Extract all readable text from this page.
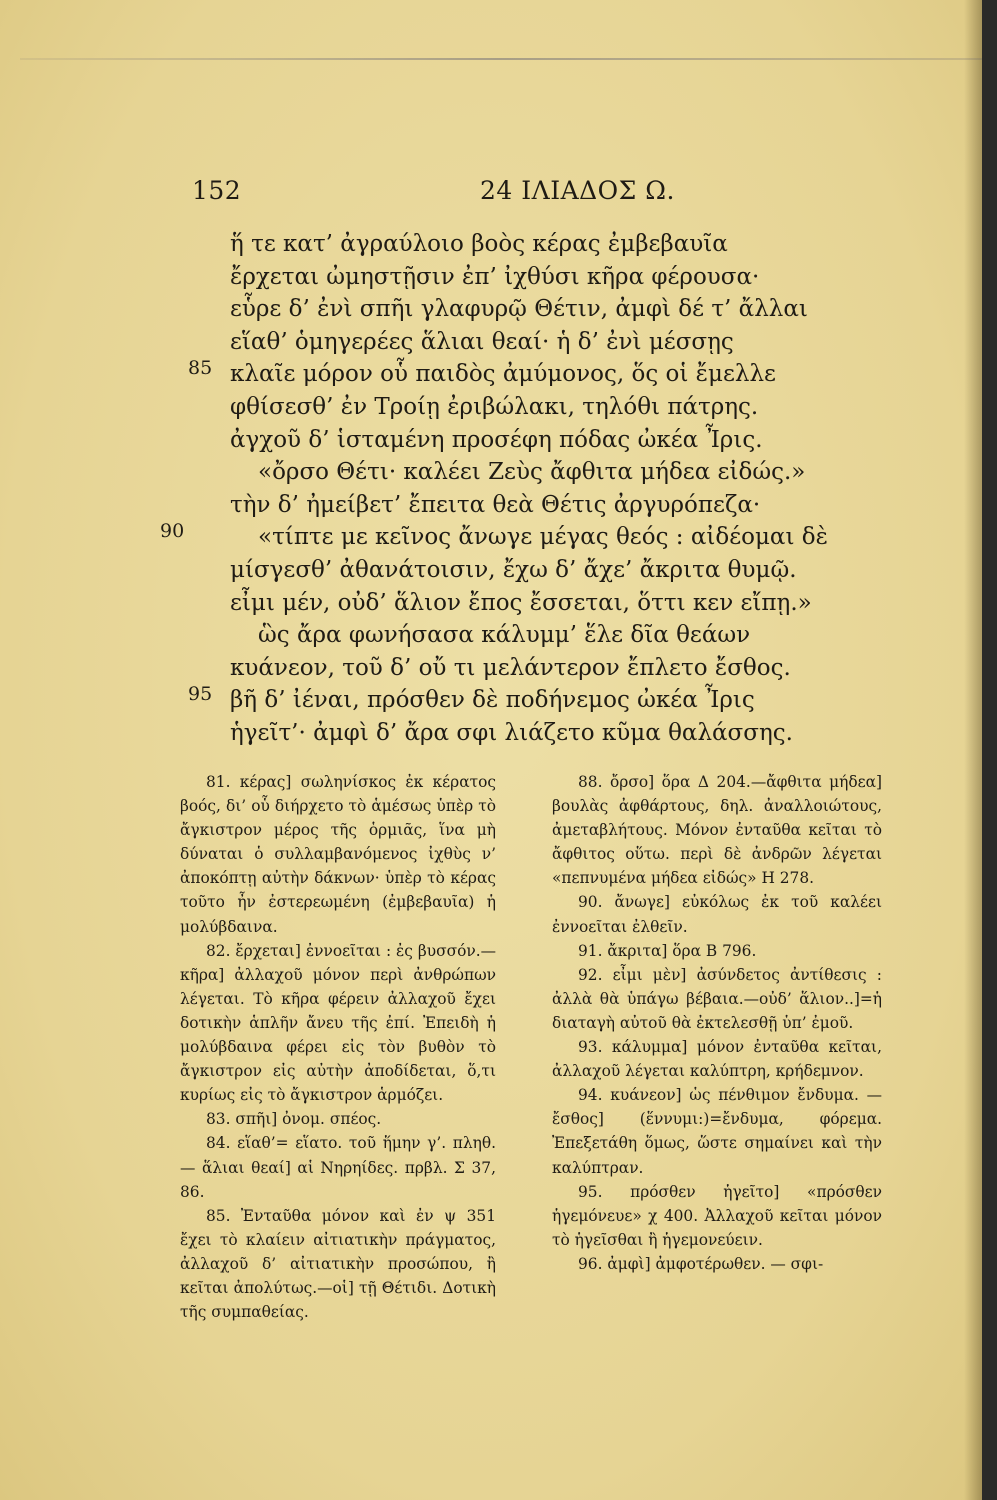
152	24 ΙΛΙΑΔΟΣ Ω.
ἥ τε κατ’ ἀγραύλοιο βοὸς κέρας ἐμβεβαυῖα
ἔρχεται ὠμηστῇσιν ἐπ’ ἰχθύσι κῆρα φέρουσα·
εὗρε δ’ ἐνὶ σπῆι γλαφυρῷ Θέτιν, ἀμφὶ δέ τ’ ἄλλαι
εἵαθ’ ὁμηγερέες ἅλιαι θεαί· ἡ δ’ ἐνὶ μέσσῃς
85 κλαῖε μόρον οὗ παιδὸς ἀμύμονος, ὅς οἱ ἔμελλε
φθίσεσθ’ ἐν Τροίῃ ἐριβώλακι, τηλόθι πάτρης.
ἀγχοῦ δ’ ἱσταμένη προσέφη πόδας ὠκέα Ἶρις.
«ὄρσο Θέτι· καλέει Ζεὺς ἄφθιτα μήδεα εἰδώς.»
τὴν δ’ ἠμείβετ’ ἔπειτα θεὰ Θέτις ἀργυρόπεζα·
90	«τίπτε με κεῖνος ἄνωγε μέγας θεός : αἰδέομαι δὲ
μίσγεσθ’ ἀθανάτοισιν, ἔχω δ’ ἄχε’ ἄκριτα θυμῷ.
εἶμι μέν, οὐδ’ ἅλιον ἔπος ἔσσεται, ὅττι κεν εἴπῃ.»
ὣς ἄρα φωνήσασα κάλυμμ’ ἕλε δῖα θεάων
κυάνεον, τοῦ δ’ οὔ τι μελάντερον ἔπλετο ἔσθος.
95 βῆ δ’ ἰέναι, πρόσθεν δὲ ποδήνεμος ὠκέα Ἶρις
ἡγεῖτ’· ἀμφὶ δ’ ἄρα σφι λιάζετο κῦμα θαλάσσης.

81. κέρας] σωληνίσκος ἐκ κέρατος βοός, δι’ οὗ διήρχετο τὸ ἁμέσως ὑπὲρ τὸ ἄγκιστρον μέρος τῆς ὁρμιᾶς, ἵνα μὴ δύναται ὁ συλλαμβανόμενος ἰχθὺς ν’ ἀποκόπτῃ αὐτὴν δάκνων· ὑπὲρ τὸ κέρας τοῦτο ἦν ἐστερεωμένη (ἐμβεβαυῖα) ἡ μολύβδαινα.

82. ἔρχεται] ἐννοεῖται : ἐς βυσσόν.—κῆρα] ἀλλαχοῦ μόνον περὶ ἀνθρώπων λέγεται. Τὸ κῆρα φέρειν ἀλλαχοῦ ἔχει δοτικὴν ἁπλῆν ἄνευ τῆς ἐπί. Ἐπειδὴ ἡ μολύβδαινα φέρει εἰς τὸν βυθὸν τὸ ἄγκιστρον εἰς αὐτὴν ἀποδίδεται, ὅ,τι κυρίως εἰς τὸ ἄγκιστρον ἁρμόζει.

83. σπῆι] ὀνομ. σπέος.

84. εἵαθ’= εἵατο. τοῦ ἥμην γ’. πληθ. — ἅλιαι θεαί] αἱ Νηρηίδες. πρβλ. Σ 37, 86.

85. Ἐνταῦθα μόνον καὶ ἐν ψ 351 ἔχει τὸ κλαίειν αἰτιατικὴν πράγματος, ἀλλαχοῦ δ’ αἰτιατικὴν προσώπου, ἢ κεῖται ἀπολύτως.—οἱ] τῇ Θέτιδι. Δοτικὴ τῆς συμπαθείας.

88. ὄρσο] ὅρα Δ 204.—ἄφθιτα μήδεα] βουλὰς ἀφθάρτους, δηλ. ἀναλλοιώτους, ἀμεταβλήτους. Μόνον ἐνταῦθα κεῖται τὸ ἄφθιτος οὕτω. περὶ δὲ ἀνδρῶν λέγεται «πεπνυμένα μήδεα εἰδώς» Η 278.

90. ἄνωγε] εὐκόλως ἐκ τοῦ καλέει ἐννοεῖται ἐλθεῖν.

91. ἄκριτα] ὅρα Β 796.

92. εἶμι μὲν] ἀσύνδετος ἀντίθεσις : ἀλλὰ θὰ ὑπάγω βέβαια.—οὐδ’ ἅλιον..]=ἡ διαταγὴ αὐτοῦ θὰ ἐκτελεσθῇ ὑπ’ ἐμοῦ.

93. κάλυμμα] μόνον ἐνταῦθα κεῖται, ἀλλαχοῦ λέγεται καλύπτρη, κρήδεμνον.

94. κυάνεον] ὡς πένθιμον ἔνδυμα. — ἔσθος] (ἕννυμι:)=ἔνδυμα, φόρεμα. Ἐπεξετάθη ὅμως, ὥστε σημαίνει καὶ τὴν καλύπτραν.

95. πρόσθεν ἡγεῖτο] «πρόσθεν ἡγεμόνευε» χ 400. Ἀλλαχοῦ κεῖται μόνον τὸ ἡγεῖσθαι ἢ ἡγεμονεύειν.

96. ἀμφὶ] ἀμφοτέρωθεν. — σφι-
